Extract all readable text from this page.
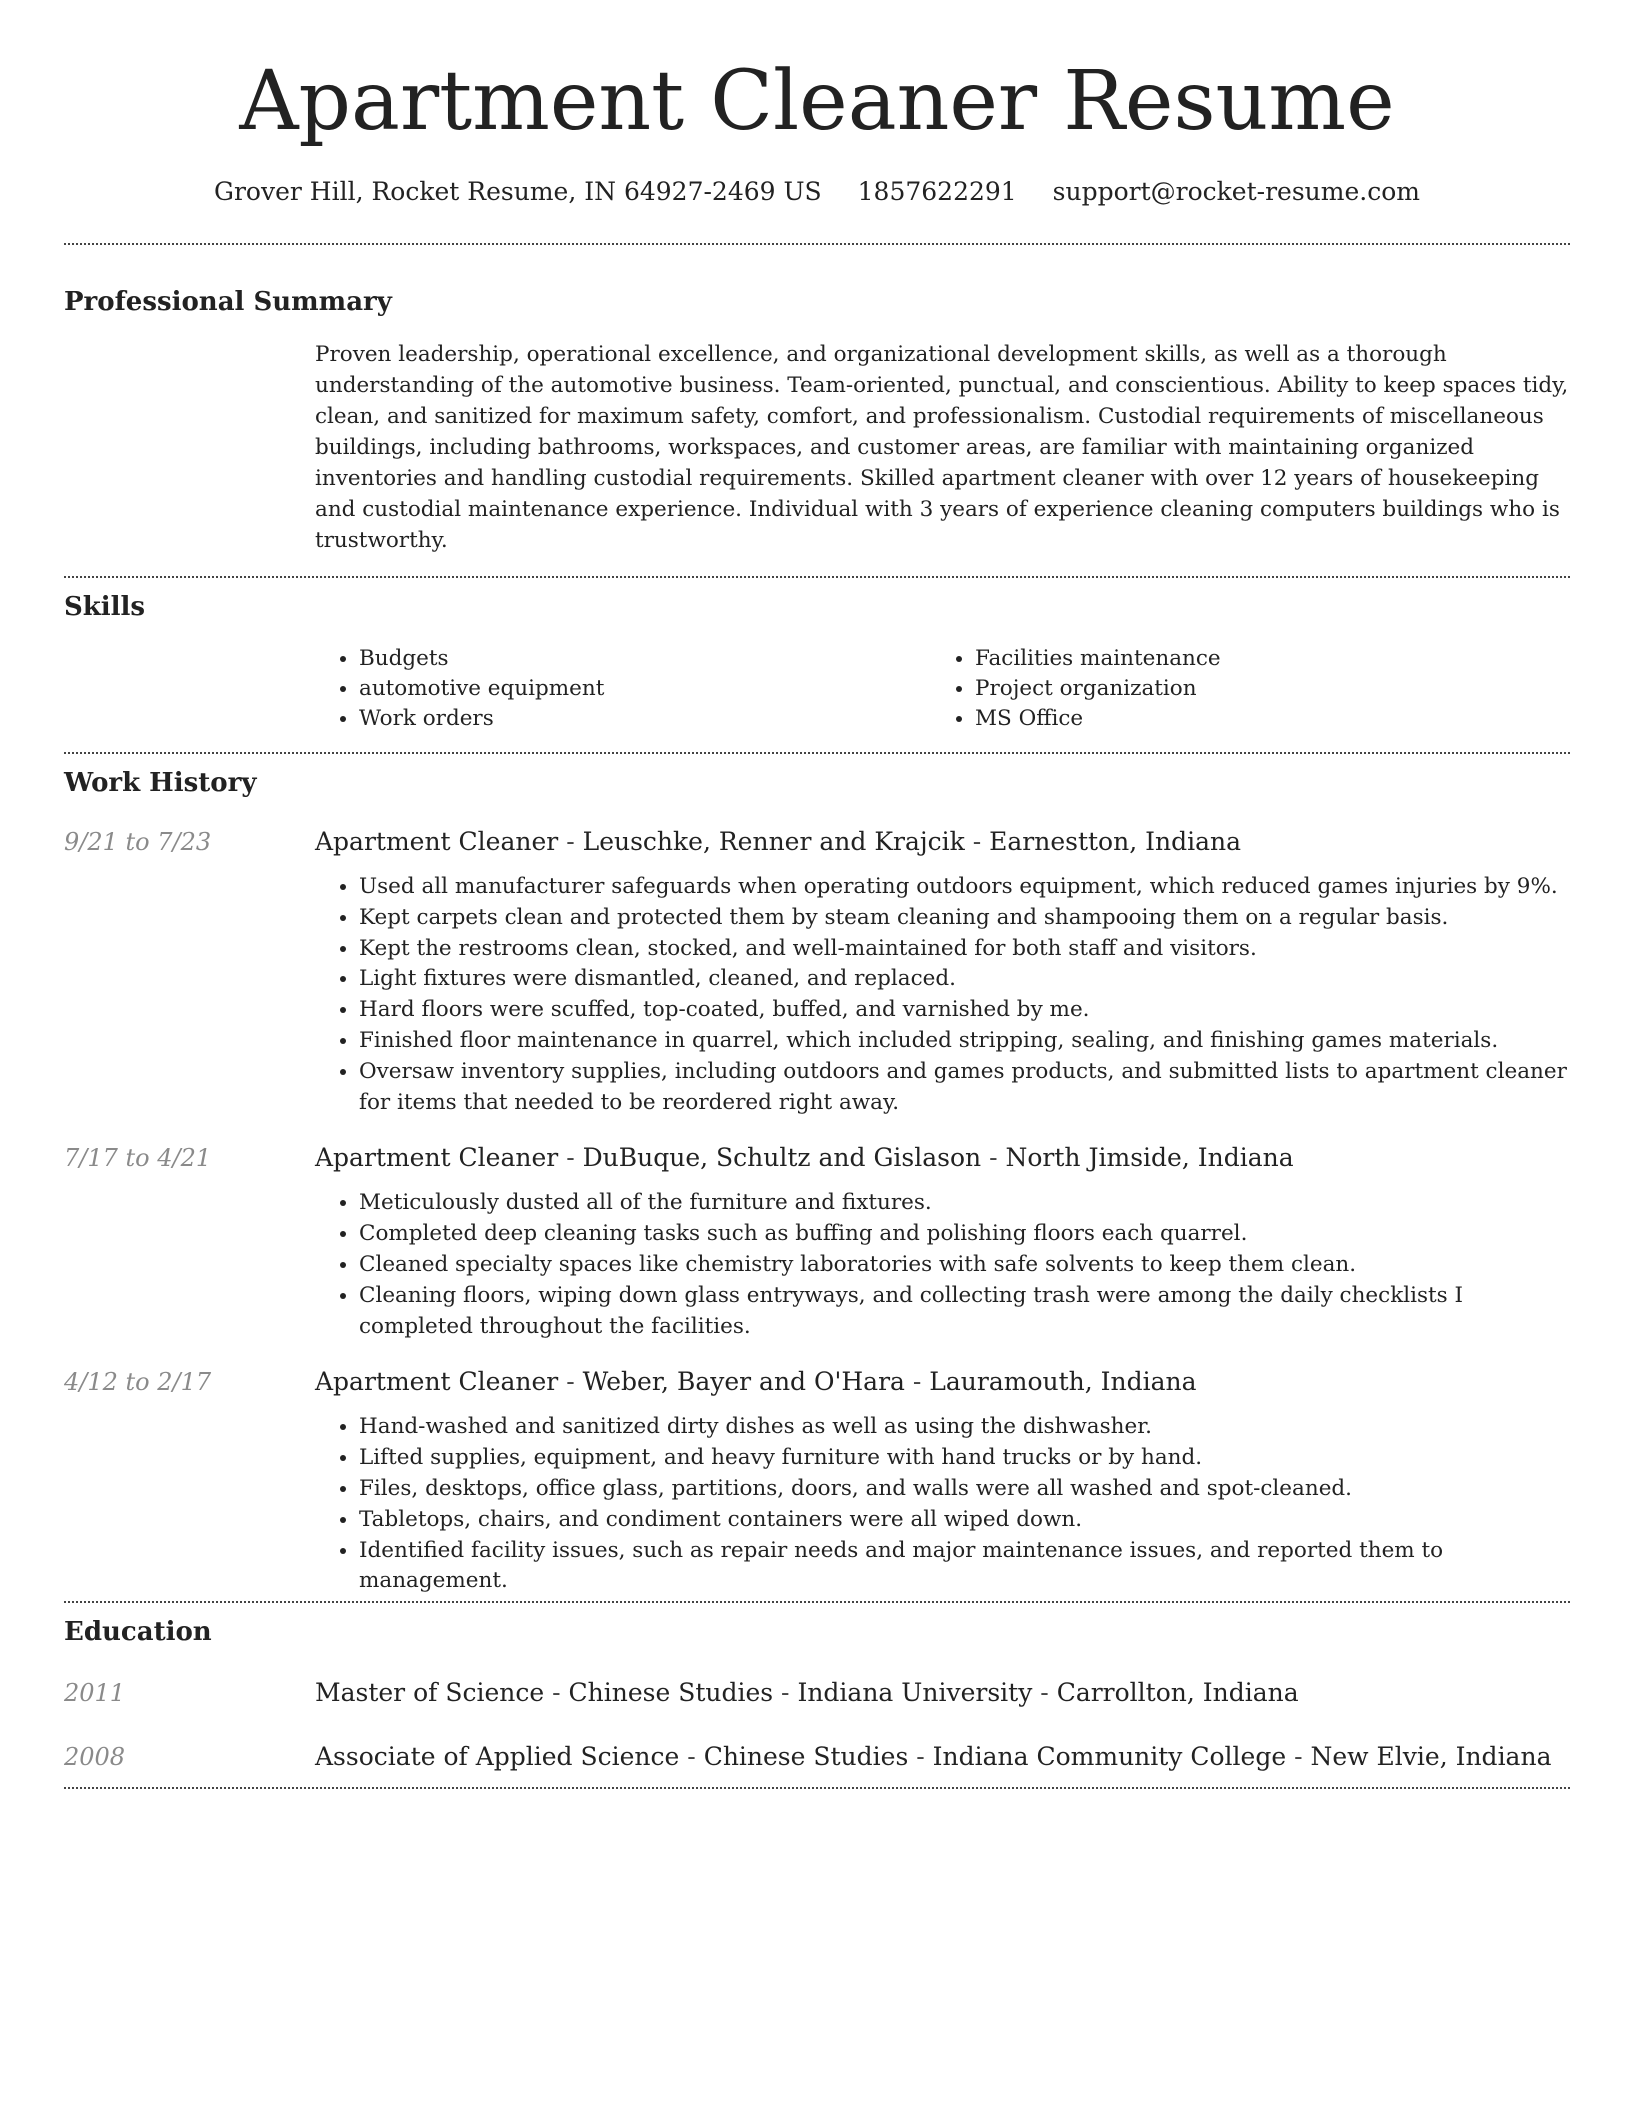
Apartment Cleaner Resume
Grover Hill, Rocket Resume, IN 64927-2469 US 1857622291 support@rocket-resume.com
Professional Summary
Proven leadership, operational excellence, and organizational development skills, as well as a thorough understanding of the automotive business. Team-oriented, punctual, and conscientious. Ability to keep spaces tidy, clean, and sanitized for maximum safety, comfort, and professionalism. Custodial requirements of miscellaneous buildings, including bathrooms, workspaces, and customer areas, are familiar with maintaining organized inventories and handling custodial requirements. Skilled apartment cleaner with over 12 years of housekeeping and custodial maintenance experience. Individual with 3 years of experience cleaning computers buildings who is trustworthy.
Skills
• Budgets
• automotive equipment
• Work orders
• Facilities maintenance
• Project organization
• MS Office
Work History
9/21 to 7/23	Apartment Cleaner - Leuschke, Renner and Krajcik - Earnestton, Indiana
• Used all manufacturer safeguards when operating outdoors equipment, which reduced games injuries by 9%.
• Kept carpets clean and protected them by steam cleaning and shampooing them on a regular basis.
• Kept the restrooms clean, stocked, and well-maintained for both staff and visitors.
• Light fixtures were dismantled, cleaned, and replaced.
• Hard floors were scuffed, top-coated, buffed, and varnished by me.
• Finished floor maintenance in quarrel, which included stripping, sealing, and finishing games materials.
• Oversaw inventory supplies, including outdoors and games products, and submitted lists to apartment cleaner for items that needed to be reordered right away.
7/17 to 4/21	Apartment Cleaner - DuBuque, Schultz and Gislason - North Jimside, Indiana
• Meticulously dusted all of the furniture and fixtures.
• Completed deep cleaning tasks such as buffing and polishing floors each quarrel.
• Cleaned specialty spaces like chemistry laboratories with safe solvents to keep them clean.
• Cleaning floors, wiping down glass entryways, and collecting trash were among the daily checklists I completed throughout the facilities.
4/12 to 2/17	Apartment Cleaner - Weber, Bayer and O'Hara - Lauramouth, Indiana
• Hand-washed and sanitized dirty dishes as well as using the dishwasher.
• Lifted supplies, equipment, and heavy furniture with hand trucks or by hand.
• Files, desktops, office glass, partitions, doors, and walls were all washed and spot-cleaned.
• Tabletops, chairs, and condiment containers were all wiped down.
• Identified facility issues, such as repair needs and major maintenance issues, and reported them to management.
Education
2011	Master of Science - Chinese Studies - Indiana University - Carrollton, Indiana
2008	Associate of Applied Science - Chinese Studies - Indiana Community College - New Elvie, Indiana
